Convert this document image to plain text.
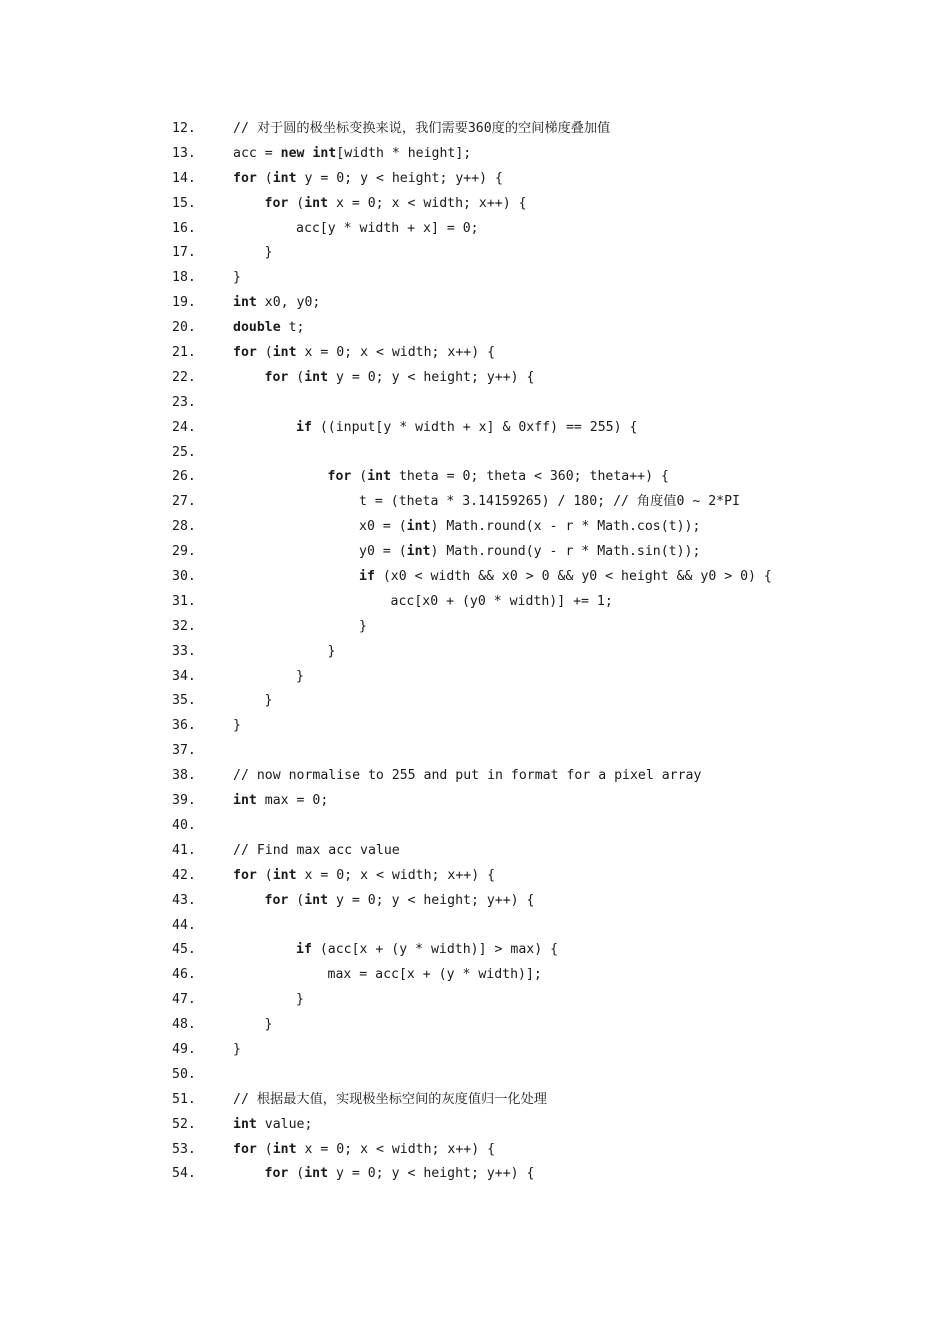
12.	// 对于圆的极坐标变换来说，我们需要360度的空间梯度叠加值
13.	acc = new int[width * height];
14.	for (int y = 0; y < height; y++) {
15.	for (int x = 0; x < width; x++) {
16.	acc[y * width + x] = 0;
17.	}
18.	}
19.	int x0, y0;
20.	double t;
21.	for (int x = 0; x < width; x++) {
22.	for (int y = 0; y < height; y++) {
23.
24.	if ((input[y * width + x] & 0xff) == 255) {
25.
26.	for (int theta = 0; theta < 360; theta++) {
27.	t = (theta * 3.14159265) / 180; // 角度值0 ~ 2*PI
28.	x0 = (int) Math.round(x - r * Math.cos(t));
29.	y0 = (int) Math.round(y - r * Math.sin(t));
30.	if (x0 < width && x0 > 0 && y0 < height && y0 > 0) {
31.	acc[x0 + (y0 * width)] += 1;
32.	}
33.	}
34.	}
35.	}
36.	}
37.
38.	// now normalise to 255 and put in format for a pixel array
39.	int max = 0;
40.
41.	// Find max acc value
42.	for (int x = 0; x < width; x++) {
43.	for (int y = 0; y < height; y++) {
44.
45.	if (acc[x + (y * width)] > max) {
46.	max = acc[x + (y * width)];
47.	}
48.	}
49.	}
50.
51.	// 根据最大值，实现极坐标空间的灰度值归一化处理
52.	int value;
53.	for (int x = 0; x < width; x++) {
54.	for (int y = 0; y < height; y++) {
